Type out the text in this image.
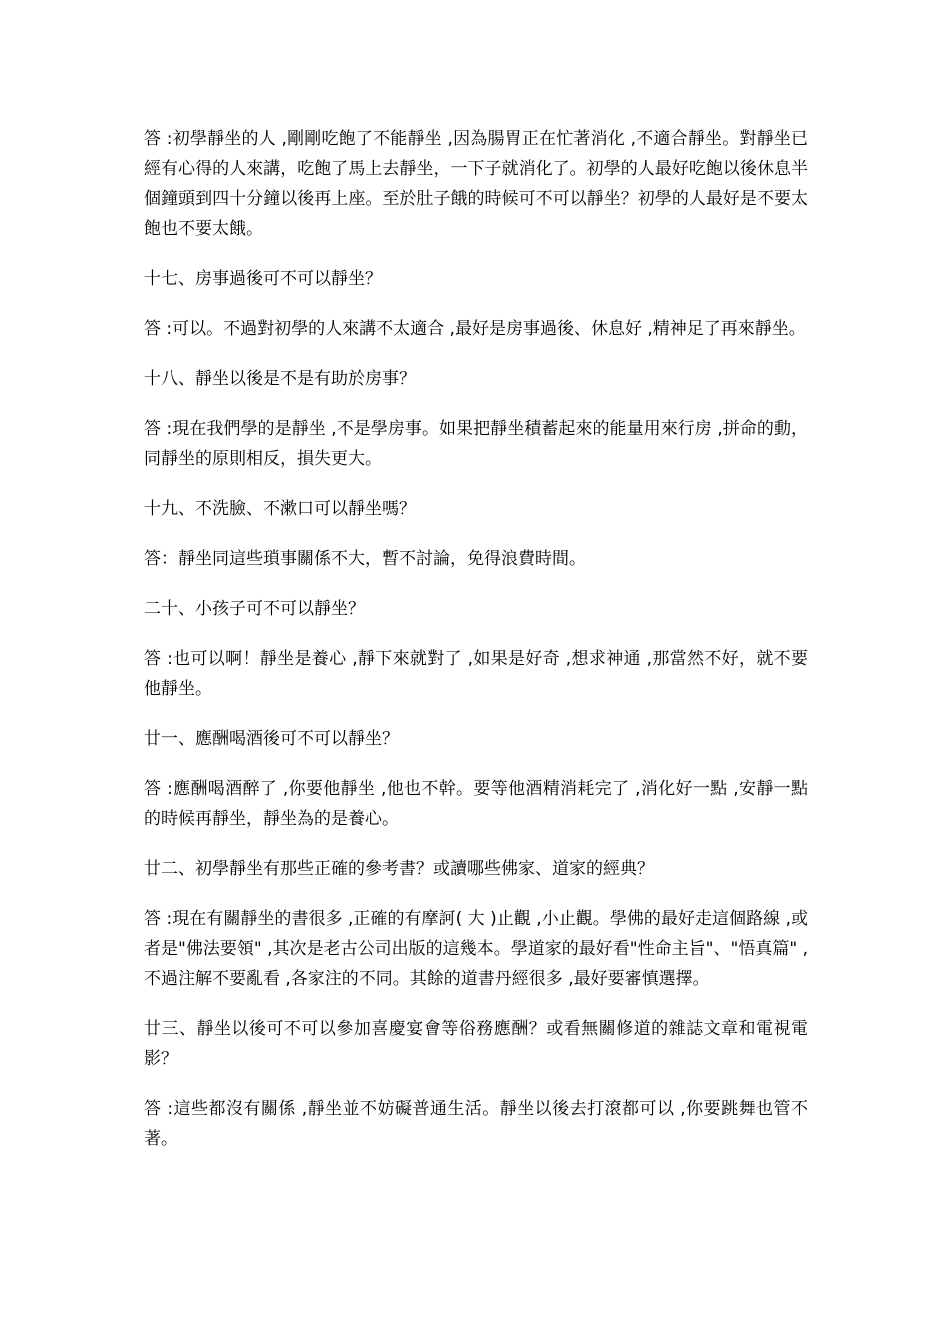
答 :初學靜坐的人 ,剛剛吃飽了不能靜坐 ,因為腸胃正在忙著消化 ,不適合靜坐。對靜坐已經有心得的人來講，吃飽了馬上去靜坐，一下子就消化了。初學的人最好吃飽以後休息半個鐘頭到四十分鐘以後再上座。至於肚子餓的時候可不可以靜坐？初學的人最好是不要太飽也不要太餓。

十七、房事過後可不可以靜坐？

答 :可以。不過對初學的人來講不太適合 ,最好是房事過後、休息好 ,精神足了再來靜坐。

十八、靜坐以後是不是有助於房事？

答 :現在我們學的是靜坐 ,不是學房事。如果把靜坐積蓄起來的能量用來行房 ,拼命的動，同靜坐的原則相反，損失更大。

十九、不洗臉、不漱口可以靜坐嗎？

答：靜坐同這些瑣事關係不大，暫不討論，免得浪費時間。

二十、小孩子可不可以靜坐？

答 :也可以啊！靜坐是養心 ,靜下來就對了 ,如果是好奇 ,想求神通 ,那當然不好，就不要他靜坐。

廿一、應酬喝酒後可不可以靜坐？

答 :應酬喝酒醉了 ,你要他靜坐 ,他也不幹。要等他酒精消耗完了 ,消化好一點 ,安靜一點的時候再靜坐，靜坐為的是養心。

廿二、初學靜坐有那些正確的參考書？或讀哪些佛家、道家的經典？

答 :現在有關靜坐的書很多 ,正確的有摩訶( 大 )止觀 ,小止觀。學佛的最好走這個路線 ,或者是"佛法要領" ,其次是老古公司出版的這幾本。學道家的最好看"性命主旨"、"悟真篇" ,不過注解不要亂看 ,各家注的不同。其餘的道書丹經很多 ,最好要審慎選擇。

廿三、靜坐以後可不可以參加喜慶宴會等俗務應酬？或看無關修道的雜誌文章和電視電影？

答 :這些都沒有關係 ,靜坐並不妨礙普通生活。靜坐以後去打滾都可以 ,你要跳舞也管不著。
